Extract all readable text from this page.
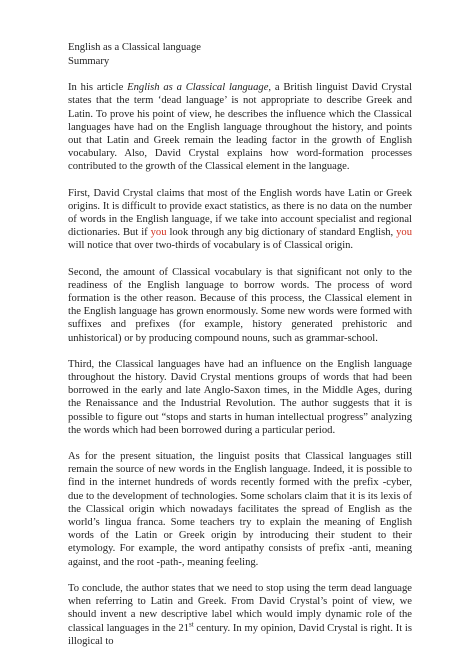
English as a Classical language

Summary

In his article English as a Classical language, a British linguist David Crystal states that the term ‘dead language’ is not appropriate to describe Greek and Latin. To prove his point of view, he describes the influence which the Classical languages have had on the English language throughout the history, and points out that Latin and Greek remain the leading factor in the growth of English vocabulary. Also, David Crystal explains how word-formation processes contributed to the growth of the Classical element in the language.

First, David Crystal claims that most of the English words have Latin or Greek origins. It is difficult to provide exact statistics, as there is no data on the number of words in the English language, if we take into account specialist and regional dictionaries. But if you look through any big dictionary of standard English, you will notice that over two-thirds of vocabulary is of Classical origin.

Second, the amount of Classical vocabulary is that significant not only to the readiness of the English language to borrow words. The process of word formation is the other reason. Because of this process, the Classical element in the English language has grown enormously. Some new words were formed with suffixes and prefixes (for example, history generated prehistoric and unhistorical) or by producing compound nouns, such as grammar-school.

Third, the Classical languages have had an influence on the English language throughout the history. David Crystal mentions groups of words that had been borrowed in the early and late Anglo-Saxon times, in the Middle Ages, during the Renaissance and the Industrial Revolution. The author suggests that it is possible to figure out “stops and starts in human intellectual progress” analyzing the words which had been borrowed during a particular period.

As for the present situation, the linguist posits that Classical languages still remain the source of new words in the English language. Indeed, it is possible to find in the internet hundreds of words recently formed with the prefix -cyber, due to the development of technologies. Some scholars claim that it is its lexis of the Classical origin which nowadays facilitates the spread of English as the world’s lingua franca. Some teachers try to explain the meaning of English words of the Latin or Greek origin by introducing their student to their etymology. For example, the word antipathy consists of prefix -anti, meaning against, and the root -path-, meaning feeling.

To conclude, the author states that we need to stop using the term dead language when referring to Latin and Greek. From David Crystal’s point of view, we should invent a new descriptive label which would imply dynamic role of the classical languages in the 21st century. In my opinion, David Crystal is right. It is illogical to
